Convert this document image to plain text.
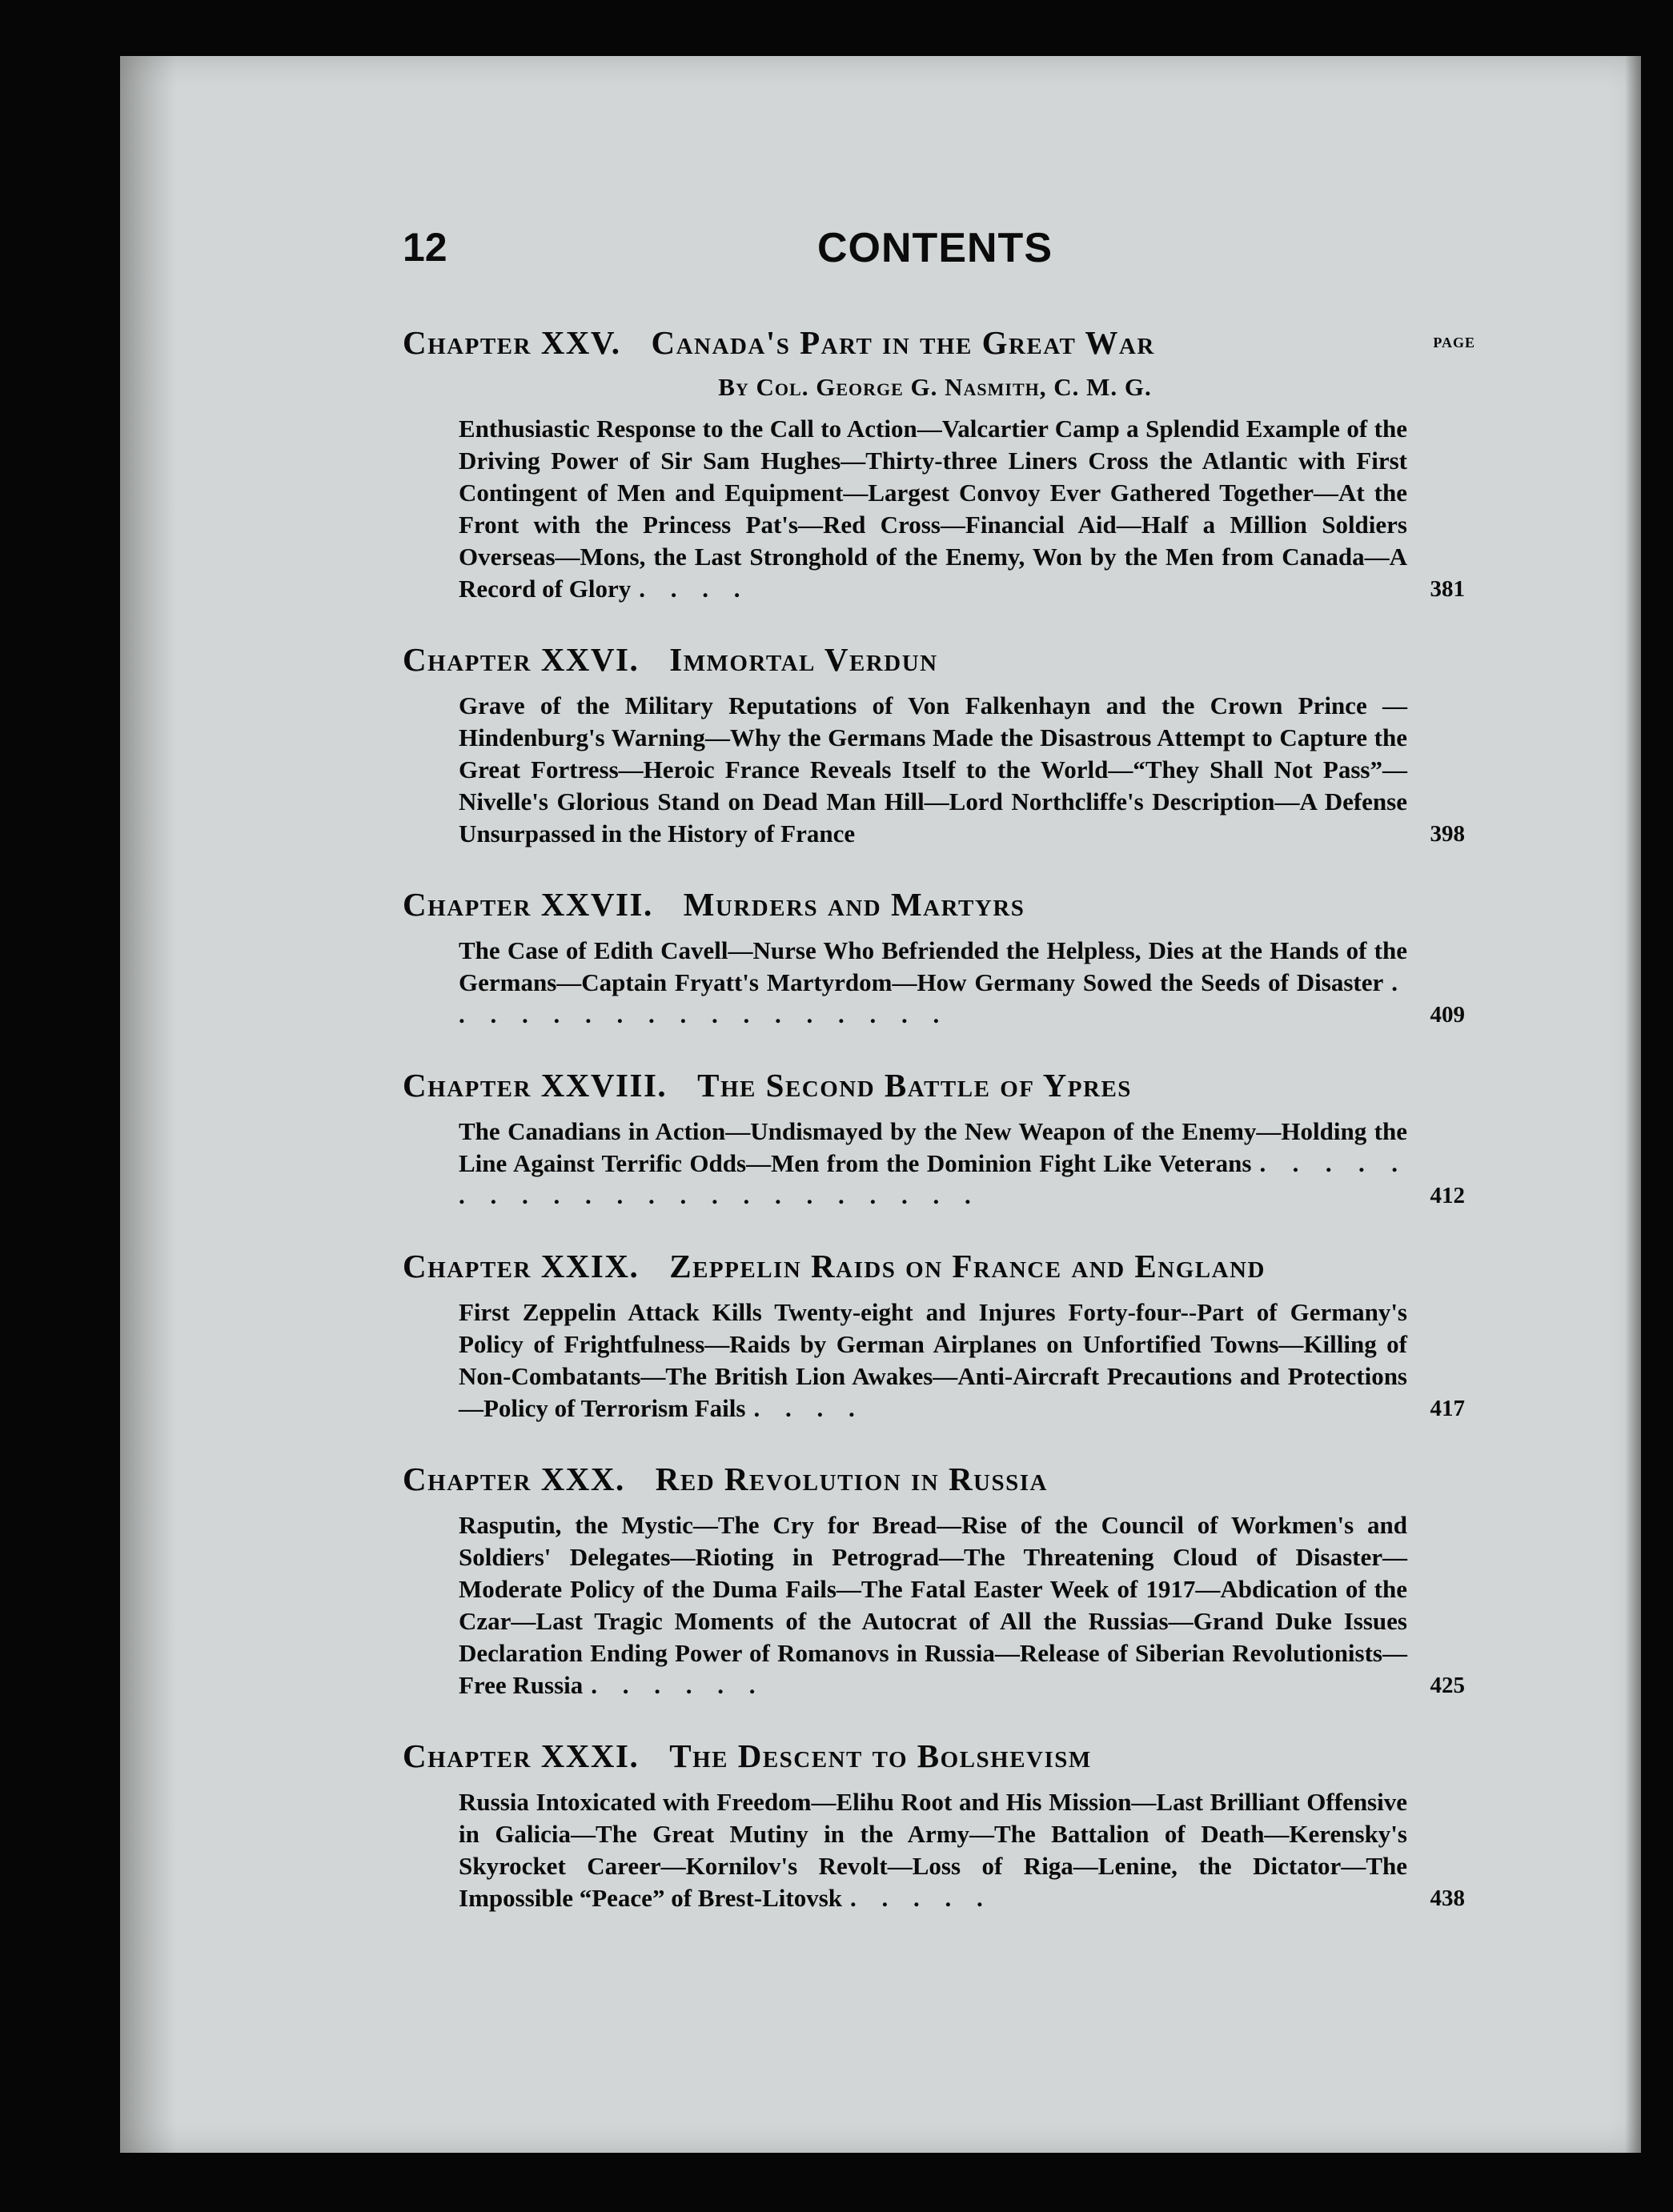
12	CONTENTS
Chapter XXV. Canada's Part in the Great War	PAGE
By Col. George G. Nasmith, C. M. G.
Enthusiastic Response to the Call to Action—Valcartier Camp a Splendid Example of the Driving Power of Sir Sam Hughes—Thirty-three Liners Cross the Atlantic with First Contingent of Men and Equipment—Largest Convoy Ever Gathered Together—At the Front with the Princess Pat's—Red Cross—Financial Aid—Half a Million Soldiers Overseas—Mons, the Last Stronghold of the Enemy, Won by the Men from Canada—A Record of Glory . . . .	381
Chapter XXVI. Immortal Verdun
Grave of the Military Reputations of Von Falkenhayn and the Crown Prince —Hindenburg's Warning—Why the Germans Made the Disastrous Attempt to Capture the Great Fortress—Heroic France Reveals Itself to the World—“They Shall Not Pass”—Nivelle's Glorious Stand on Dead Man Hill—Lord Northcliffe's Description—A Defense Unsurpassed in the History of France	398
Chapter XXVII. Murders and Martyrs
The Case of Edith Cavell—Nurse Who Befriended the Helpless, Dies at the Hands of the Germans—Captain Fryatt's Martyrdom—How Germany Sowed the Seeds of Disaster . . . . . . . . . . . . . . . . .	409
Chapter XXVIII. The Second Battle of Ypres
The Canadians in Action—Undismayed by the New Weapon of the Enemy—Holding the Line Against Terrific Odds—Men from the Dominion Fight Like Veterans . . . . . . . . . . . . . . . . . . . . . .	412
Chapter XXIX. Zeppelin Raids on France and England
First Zeppelin Attack Kills Twenty-eight and Injures Forty-four--Part of Germany's Policy of Frightfulness—Raids by German Airplanes on Unfortified Towns—Killing of Non-Combatants—The British Lion Awakes—Anti-Aircraft Precautions and Protections—Policy of Terrorism Fails . . . .	417
Chapter XXX. Red Revolution in Russia
Rasputin, the Mystic—The Cry for Bread—Rise of the Council of Workmen's and Soldiers' Delegates—Rioting in Petrograd—The Threatening Cloud of Disaster—Moderate Policy of the Duma Fails—The Fatal Easter Week of 1917—Abdication of the Czar—Last Tragic Moments of the Autocrat of All the Russias—Grand Duke Issues Declaration Ending Power of Romanovs in Russia—Release of Siberian Revolutionists—Free Russia . . . . . .	425
Chapter XXXI. The Descent to Bolshevism
Russia Intoxicated with Freedom—Elihu Root and His Mission—Last Brilliant Offensive in Galicia—The Great Mutiny in the Army—The Battalion of Death—Kerensky's Skyrocket Career—Kornilov's Revolt—Loss of Riga—Lenine, the Dictator—The Impossible “Peace” of Brest-Litovsk . . . . .	438
